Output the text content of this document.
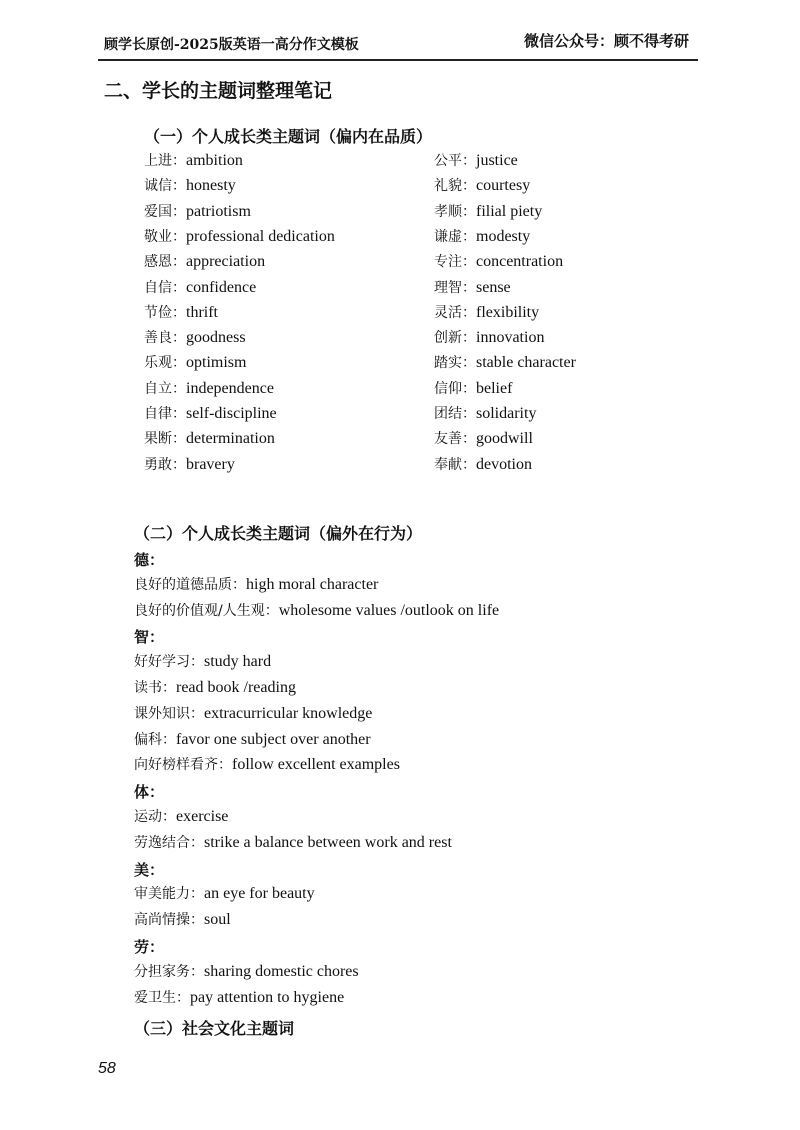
顾学长原创-2025版英语一高分作文模板	微信公众号：顾不得考研
二、学长的主题词整理笔记
（一）个人成长类主题词（偏内在品质）
上进：ambition
诚信：honesty
爱国：patriotism
敬业：professional dedication
感恩：appreciation
自信：confidence
节俭：thrift
善良：goodness
乐观：optimism
自立：independence
自律：self-discipline
果断：determination
勇敢：bravery
公平：justice
礼貌：courtesy
孝顺：filial piety
谦虚：modesty
专注：concentration
理智：sense
灵活：flexibility
创新：innovation
踏实：stable character
信仰：belief
团结：solidarity
友善：goodwill
奉献：devotion
德：
良好的道德品质：high moral character
良好的价值观/人生观：wholesome values /outlook on life
智：
好好学习：study hard
读书：read book /reading
课外知识：extracurricular knowledge
偏科：favor one subject over another
向好榜样看齐：follow excellent examples
体：
运动：exercise
劳逸结合：strike a balance between work and rest
美：
审美能力：an eye for beauty
高尚情操：soul
劳：
分担家务：sharing domestic chores
爱卫生：pay attention to hygiene
（二）个人成长类主题词（偏外在行为）
（三）社会文化主题词
58
